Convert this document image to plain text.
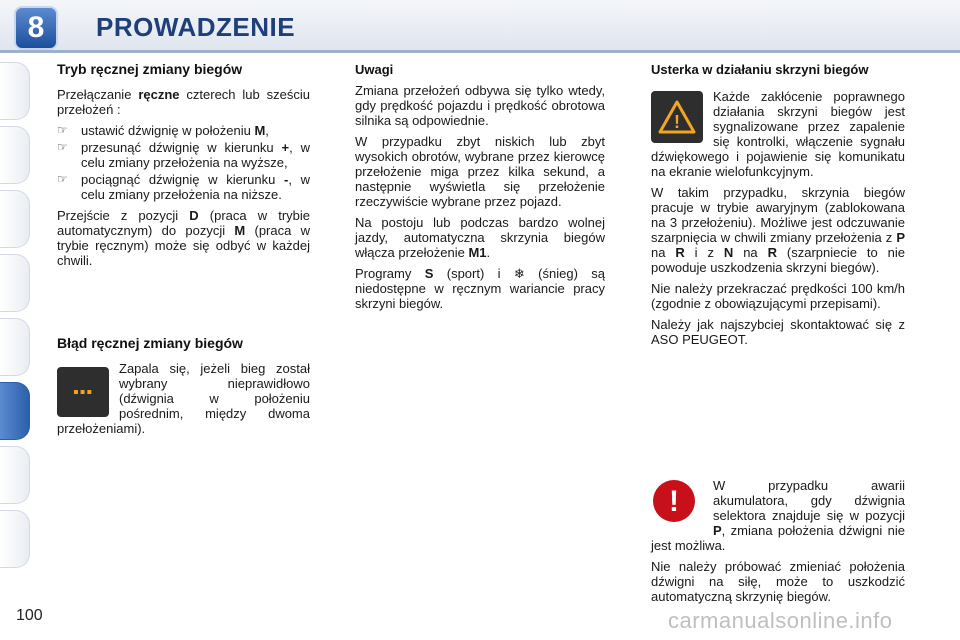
8	PROWADZENIE
Tryb ręcznej zmiany biegów

Przełączanie ręczne czterech lub sześciu przełożeń :

☞ ustawić dźwignię w położeniu M,
☞ przesunąć dźwignię w kierunku +, w celu zmiany przełożenia na wyższe,
☞ pociągnąć dźwignię w kierunku -, w celu zmiany przełożenia na niższe.

Przejście z pozycji D (praca w trybie automatycznym) do pozycji M (praca w trybie ręcznym) może się odbyć w każdej chwili.

Błąd ręcznej zmiany biegów
▪▪▪

Zapala się, jeżeli bieg został wybrany nieprawidłowo (dźwignia w położeniu pośrednim, między dwoma przełożeniami).

Uwagi

Zmiana przełożeń odbywa się tylko wtedy, gdy prędkość pojazdu i prędkość obrotowa silnika są odpowiednie.

W przypadku zbyt niskich lub zbyt wysokich obrotów, wybrane przez kierowcę przełożenie miga przez kilka sekund, a następnie wyświetla się przełożenie rzeczywiście wybrane przez pojazd.

Na postoju lub podczas bardzo wolnej jazdy, automatyczna skrzynia biegów włącza przełożenie M1.

Programy S (sport) i ❄ (śnieg) są niedostępne w ręcznym wariancie pracy skrzyni biegów.

Usterka w działaniu skrzyni biegów
!

Każde zakłócenie poprawnego działania skrzyni biegów jest sygnalizowane przez zapalenie się kontrolki, włączenie sygnału dźwiękowego i pojawienie się komunikatu na ekranie wielofunkcyjnym.

W takim przypadku, skrzynia biegów pracuje w trybie awaryjnym (zablokowana na 3 przełożeniu). Możliwe jest odczuwanie szarpnięcia w chwili zmiany przełożenia z P na R i z N na R (szarpniecie to nie powoduje uszkodzenia skrzyni biegów).

Nie należy przekraczać prędkości 100 km/h (zgodnie z obowiązującymi przepisami).

Należy jak najszybciej skontaktować się z ASO PEUGEOT.

!	W przypadku awarii akumulatora, gdy dźwignia selektora znajduje się w pozycji P, zmiana położenia dźwigni nie jest możliwa.

Nie należy próbować zmieniać położenia dźwigni na siłę, może to uszkodzić automatyczną skrzynię biegów.

100	carmanualsonline.info
